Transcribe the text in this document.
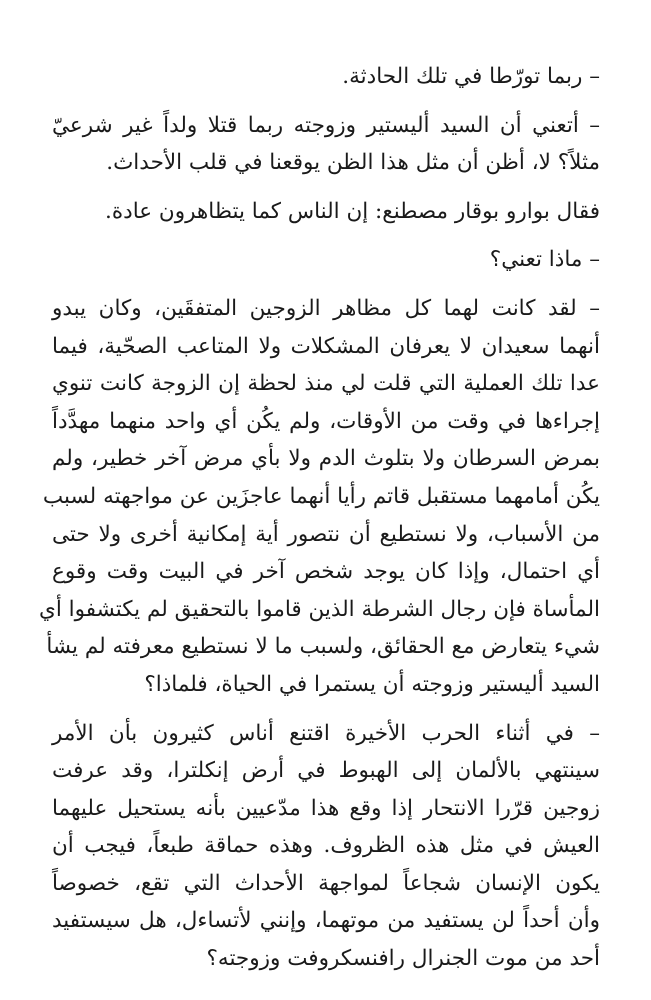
– ربما تورّطا في تلك الحادثة.

– أتعني أن السيد أليستير وزوجته ربما قتلا ولداً غير شرعيّ
مثلاً؟ لا، أظن أن مثل هذا الظن يوقعنا في قلب الأحداث.

فقال بوارو بوقار مصطنع: إن الناس كما يتظاهرون عادة.

– ماذا تعني؟

– لقد كانت لهما كل مظاهر الزوجين المتفقَين، وكان يبدو
أنهما سعيدان لا يعرفان المشكلات ولا المتاعب الصحّية، فيما
عدا تلك العملية التي قلت لي منذ لحظة إن الزوجة كانت تنوي
إجراءها في وقت من الأوقات، ولم يكُن أي واحد منهما مهدَّداً
بمرض السرطان ولا بتلوث الدم ولا بأي مرض آخر خطير، ولم
يكُن أمامهما مستقبل قاتم رأيا أنهما عاجزَين عن مواجهته لسبب
من الأسباب، ولا نستطيع أن نتصور أية إمكانية أخرى ولا حتى
أي احتمال، وإذا كان يوجد شخص آخر في البيت وقت وقوع
المأساة فإن رجال الشرطة الذين قاموا بالتحقيق لم يكتشفوا أي
شيء يتعارض مع الحقائق، ولسبب ما لا نستطيع معرفته لم يشأ
السيد أليستير وزوجته أن يستمرا في الحياة، فلماذا؟

– في أثناء الحرب الأخيرة اقتنع أناس كثيرون بأن الأمر
سينتهي بالألمان إلى الهبوط في أرض إنكلترا، وقد عرفت
زوجين قرّرا الانتحار إذا وقع هذا مدّعيين بأنه يستحيل عليهما
العيش في مثل هذه الظروف. وهذه حماقة طبعاً، فيجب أن
يكون الإنسان شجاعاً لمواجهة الأحداث التي تقع، خصوصاً
وأن أحداً لن يستفيد من موتهما، وإنني لأتساءل، هل سيستفيد
أحد من موت الجنرال رافنسكروفت وزوجته؟
